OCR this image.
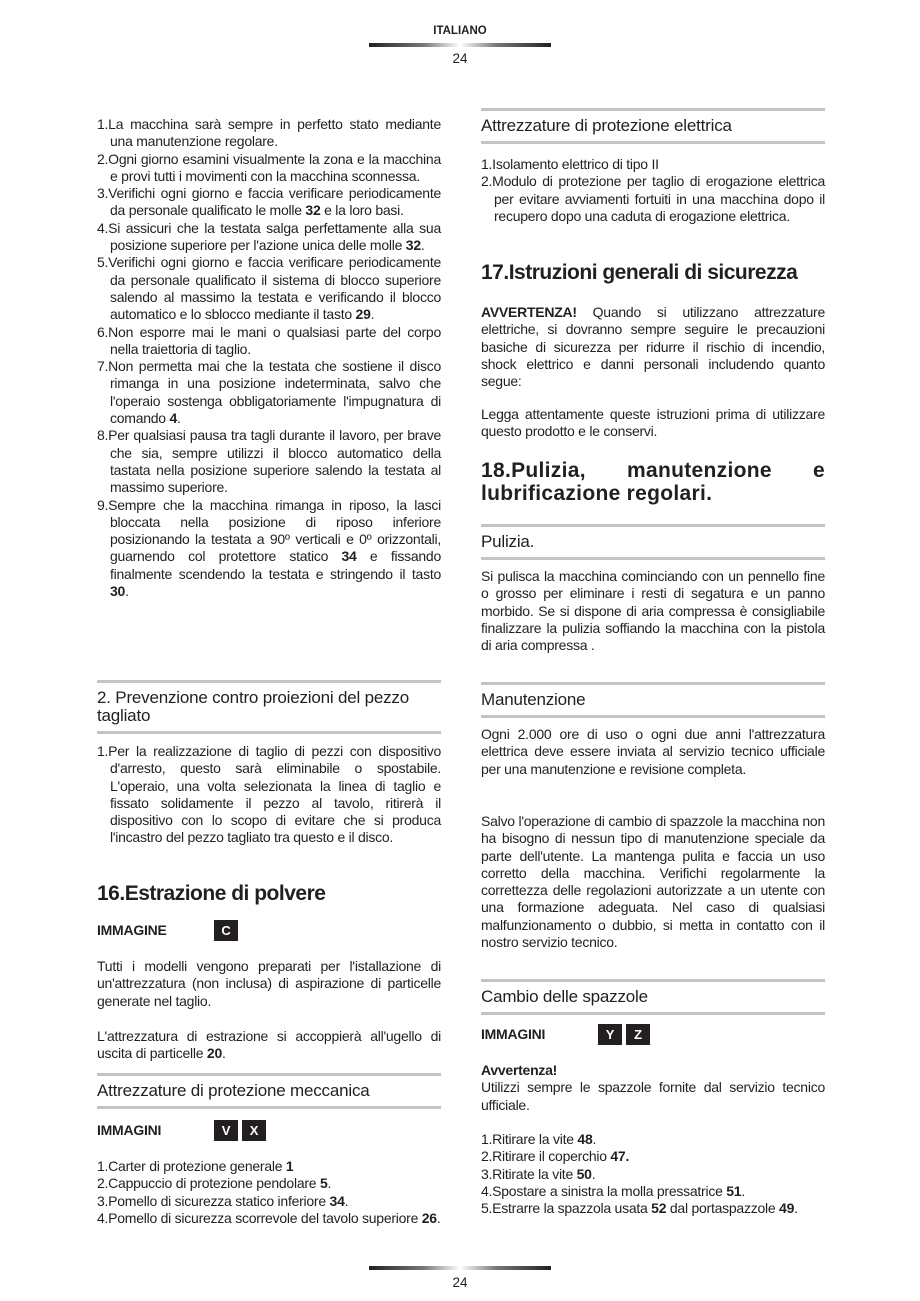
ITALIANO
24
1.La macchina sarà sempre in perfetto stato mediante una manutenzione regolare.
2.Ogni giorno esamini visualmente la zona e la macchina e provi tutti i movimenti con la macchina sconnessa.
3.Verifichi ogni giorno e faccia verificare periodicamente da personale qualificato le molle 32 e la loro basi.
4.Si assicuri che la testata salga perfettamente alla sua posizione superiore per l'azione unica delle molle 32.
5.Verifichi ogni giorno e faccia verificare periodicamente da personale qualificato il sistema di blocco superiore salendo al massimo la testata e verificando il blocco automatico e lo sblocco mediante il tasto 29.
6.Non esporre mai le mani o qualsiasi parte del corpo nella traiettoria di taglio.
7.Non permetta mai che la testata che sostiene il disco rimanga in una posizione indeterminata, salvo che l'operaio sostenga obbligatoriamente l'impugnatura di comando 4.
8.Per qualsiasi pausa tra tagli durante il lavoro, per brave che sia, sempre utilizzi il blocco automatico della tastata nella posizione superiore salendo la testata al massimo superiore.
9.Sempre che la macchina rimanga in riposo, la lasci bloccata nella posizione di riposo inferiore posizionando la testata a 90º verticali e 0º orizzontali, guarnendo col protettore statico 34 e fissando finalmente scendendo la testata e stringendo il tasto 30.
2. Prevenzione contro proiezioni del pezzo tagliato
1.Per la realizzazione di taglio di pezzi con dispositivo d'arresto, questo sarà eliminabile o spostabile. L'operaio, una volta selezionata la linea di taglio e fissato solidamente il pezzo al tavolo, ritirerà il dispositivo con lo scopo di evitare che si produca l'incastro del pezzo tagliato tra questo e il disco.
16.Estrazione di polvere
IMMAGINE	C
Tutti i modelli vengono preparati per l'istallazione di un'attrezzatura (non inclusa) di aspirazione di particelle generate nel taglio.
L'attrezzatura di estrazione si accoppierà all'ugello di uscita di particelle 20.
Attrezzature di protezione meccanica
IMMAGINI	V	X
1.Carter di protezione generale 1
2.Cappuccio di protezione pendolare 5.
3.Pomello di sicurezza statico inferiore 34.
4.Pomello di sicurezza scorrevole del tavolo superiore 26.
Attrezzature di protezione elettrica
1.Isolamento elettrico di tipo II
2.Modulo di protezione per taglio di erogazione elettrica per evitare avviamenti fortuiti in una macchina dopo il recupero dopo una caduta di erogazione elettrica.
17.Istruzioni generali di sicurezza
AVVERTENZA! Quando si utilizzano attrezzature elettriche, si dovranno sempre seguire le precauzioni basiche di sicurezza per ridurre il rischio di incendio, shock elettrico e danni personali includendo quanto segue:
Legga attentamente queste istruzioni prima di utilizzare questo prodotto e le conservi.
18.Pulizia, manutenzione e lubrificazione regolari.
Pulizia.
Si pulisca la macchina cominciando con un pennello fine o grosso per eliminare i resti di segatura e un panno morbido. Se si dispone di aria compressa è consigliabile finalizzare la pulizia soffiando la macchina con la pistola di aria compressa .
Manutenzione
Ogni 2.000 ore di uso o ogni due anni l'attrezzatura elettrica deve essere inviata al servizio tecnico ufficiale per una manutenzione e revisione completa.
Salvo l'operazione di cambio di spazzole la macchina non ha bisogno di nessun tipo di manutenzione speciale da parte dell'utente. La mantenga pulita e faccia un uso corretto della macchina. Verifichi regolarmente la correttezza delle regolazioni autorizzate a un utente con una formazione adeguata. Nel caso di qualsiasi malfunzionamento o dubbio, si metta in contatto con il nostro servizio tecnico.
Cambio delle spazzole
IMMAGINI	Y	Z
Avvertenza!
Utilizzi sempre le spazzole fornite dal servizio tecnico ufficiale.
1.Ritirare la vite 48.
2.Ritirare il coperchio 47.
3.Ritirate la vite 50.
4.Spostare a sinistra la molla pressatrice 51.
5.Estrarre la spazzola usata 52 dal portaspazzole 49.
24
